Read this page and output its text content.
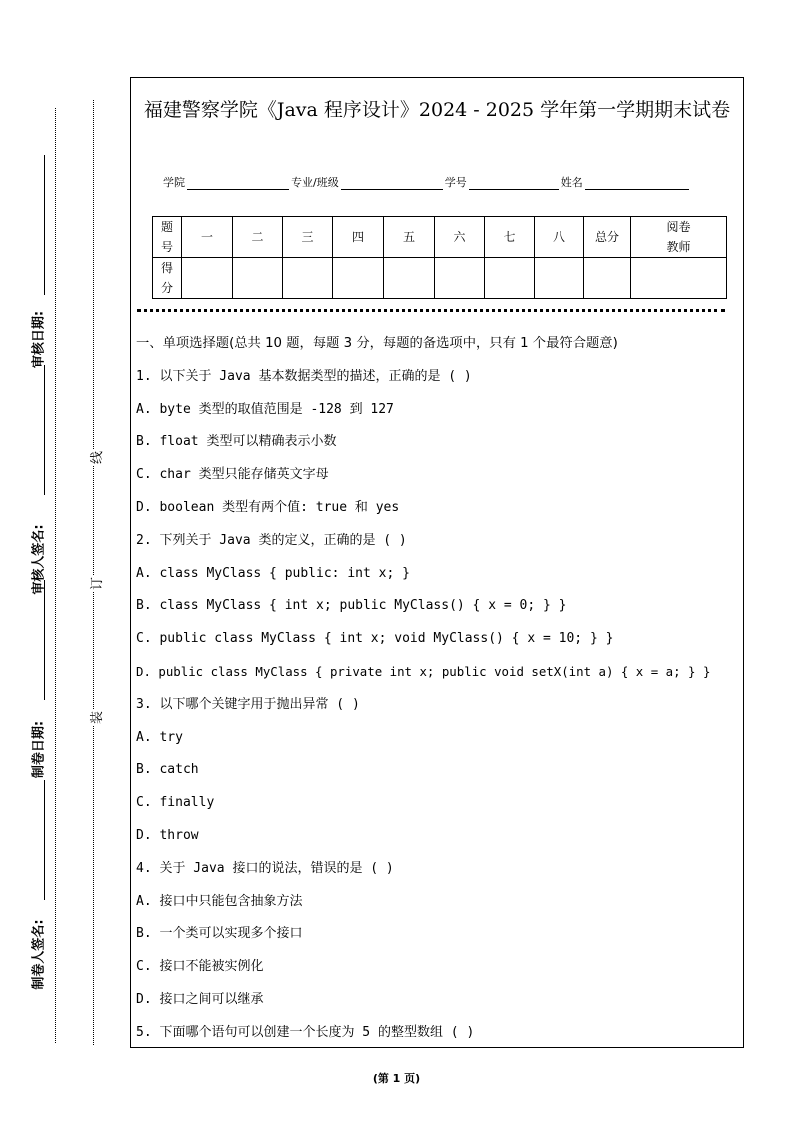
审核日期:
审核人签名:
制卷日期:
制卷人签名:
线
订
装
福建警察学院《Java 程序设计》2024 - 2025 学年第一学期期末试卷
学院	专业/班级	学号	姓名
题号	一	二	三	四	五	六	七	八	总分	阅卷教师

得分										

一、单项选择题(总共 10 题，每题 3 分，每题的备选项中，只有 1 个最符合题意)
1. 以下关于 Java 基本数据类型的描述，正确的是 ( )
A. byte 类型的取值范围是 -128 到 127
B. float 类型可以精确表示小数
C. char 类型只能存储英文字母
D. boolean 类型有两个值: true 和 yes
2. 下列关于 Java 类的定义，正确的是 ( )
A. class MyClass { public: int x; }
B. class MyClass { int x; public MyClass() { x = 0; } }
C. public class MyClass { int x; void MyClass() { x = 10; } }
D. public class MyClass { private int x; public void setX(int a) { x = a; } }
3. 以下哪个关键字用于抛出异常 ( )
A. try
B. catch
C. finally
D. throw
4. 关于 Java 接口的说法，错误的是 ( )
A. 接口中只能包含抽象方法
B. 一个类可以实现多个接口
C. 接口不能被实例化
D. 接口之间可以继承
5. 下面哪个语句可以创建一个长度为 5 的整型数组 ( )
(第 1 页)
